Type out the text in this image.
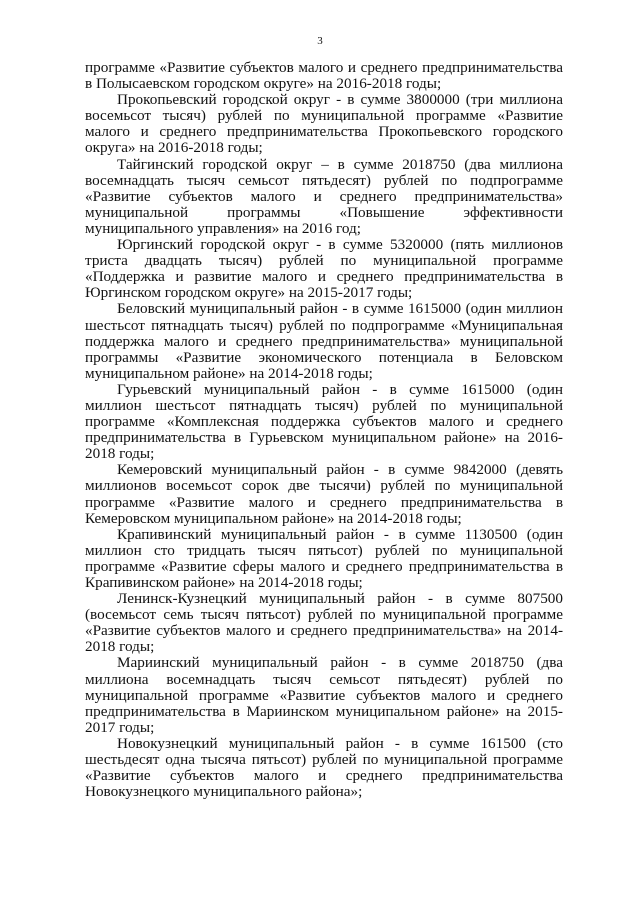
3

программе «Развитие субъектов малого и среднего предпринимательства в Полысаевском городском округе» на 2016-2018 годы;

Прокопьевский городской округ - в сумме 3800000 (три миллиона восемьсот тысяч) рублей по муниципальной программе «Развитие малого и среднего предпринимательства Прокопьевского городского округа» на 2016-2018 годы;

Тайгинский городской округ – в сумме 2018750 (два миллиона восемнадцать тысяч семьсот пятьдесят) рублей по подпрограмме «Развитие субъектов малого и среднего предпринимательства» муниципальной программы «Повышение эффективности муниципального управления» на 2016 год;

Юргинский городской округ - в сумме 5320000 (пять миллионов триста двадцать тысяч) рублей по муниципальной программе «Поддержка и развитие малого и среднего предпринимательства в Юргинском городском округе» на 2015-2017 годы;

Беловский муниципальный район - в сумме 1615000 (один миллион шестьсот пятнадцать тысяч) рублей по подпрограмме «Муниципальная поддержка малого и среднего предпринимательства» муниципальной программы «Развитие экономического потенциала в Беловском муниципальном районе» на 2014-2018 годы;

Гурьевский муниципальный район - в сумме 1615000 (один миллион шестьсот пятнадцать тысяч) рублей по муниципальной программе «Комплексная поддержка субъектов малого и среднего предпринимательства в Гурьевском муниципальном районе» на 2016-2018 годы;

Кемеровский муниципальный район - в сумме 9842000 (девять миллионов восемьсот сорок две тысячи) рублей по муниципальной программе «Развитие малого и среднего предпринимательства в Кемеровском муниципальном районе» на 2014-2018 годы;

Крапивинский муниципальный район - в сумме 1130500 (один миллион сто тридцать тысяч пятьсот) рублей по муниципальной программе «Развитие сферы малого и среднего предпринимательства в Крапивинском районе» на 2014-2018 годы;

Ленинск-Кузнецкий муниципальный район - в сумме 807500 (восемьсот семь тысяч пятьсот) рублей по муниципальной программе «Развитие субъектов малого и среднего предпринимательства» на 2014-2018 годы;

Мариинский муниципальный район - в сумме 2018750 (два миллиона восемнадцать тысяч семьсот пятьдесят) рублей по муниципальной программе «Развитие субъектов малого и среднего предпринимательства в Мариинском муниципальном районе» на 2015-2017 годы;

Новокузнецкий муниципальный район - в сумме 161500 (сто шестьдесят одна тысяча пятьсот) рублей по муниципальной программе «Развитие субъектов малого и среднего предпринимательства Новокузнецкого муниципального района»;
